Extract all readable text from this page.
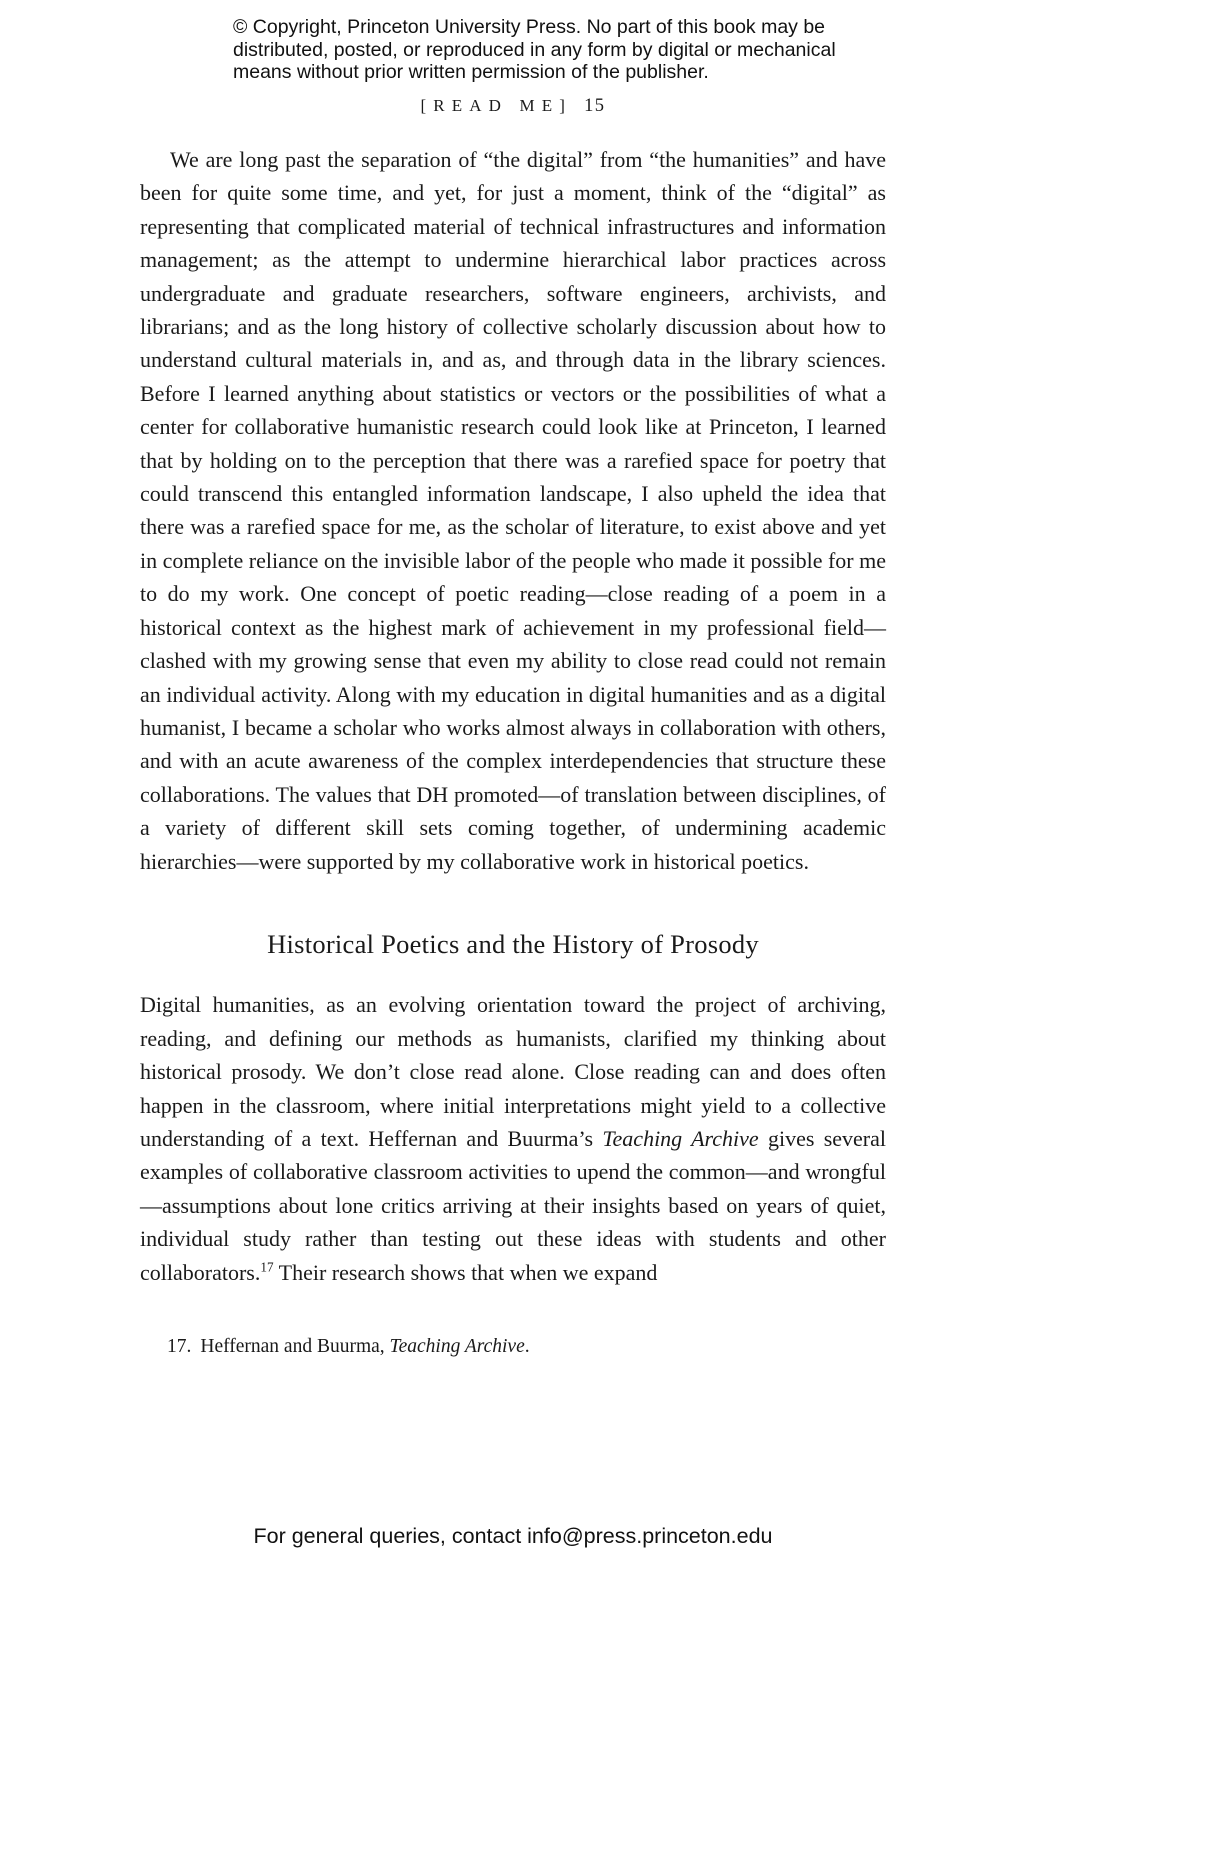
© Copyright, Princeton University Press. No part of this book may be
distributed, posted, or reproduced in any form by digital or mechanical
means without prior written permission of the publisher.
[READ ME] 15

We are long past the separation of “the digital” from “the humanities” and have been for quite some time, and yet, for just a moment, think of the “digital” as representing that complicated material of technical infrastructures and information management; as the attempt to undermine hierarchical labor practices across undergraduate and graduate researchers, software engineers, archivists, and librarians; and as the long history of collective scholarly discussion about how to understand cultural materials in, and as, and through data in the library sciences. Before I learned anything about statistics or vectors or the possibilities of what a center for collaborative humanistic research could look like at Princeton, I learned that by holding on to the perception that there was a rarefied space for poetry that could transcend this entangled information landscape, I also upheld the idea that there was a rarefied space for me, as the scholar of literature, to exist above and yet in complete reliance on the invisible labor of the people who made it possible for me to do my work. One concept of poetic reading—close reading of a poem in a historical context as the highest mark of achievement in my professional field—clashed with my growing sense that even my ability to close read could not remain an individual activity. Along with my education in digital humanities and as a digital humanist, I became a scholar who works almost always in collaboration with others, and with an acute awareness of the complex interdependencies that structure these collaborations. The values that DH promoted—of translation between disciplines, of a variety of different skill sets coming together, of undermining academic hierarchies—were supported by my collaborative work in historical poetics.

Historical Poetics and the History of Prosody

Digital humanities, as an evolving orientation toward the project of archiving, reading, and defining our methods as humanists, clarified my thinking about historical prosody. We don’t close read alone. Close reading can and does often happen in the classroom, where initial interpretations might yield to a collective understanding of a text. Heffernan and Buurma’s Teaching Archive gives several examples of collaborative classroom activities to upend the common—and wrongful—assumptions about lone critics arriving at their insights based on years of quiet, individual study rather than testing out these ideas with students and other collaborators.$^{17}$ Their research shows that when we expand

17. Heffernan and Buurma, Teaching Archive.
For general queries, contact info@press.princeton.edu
